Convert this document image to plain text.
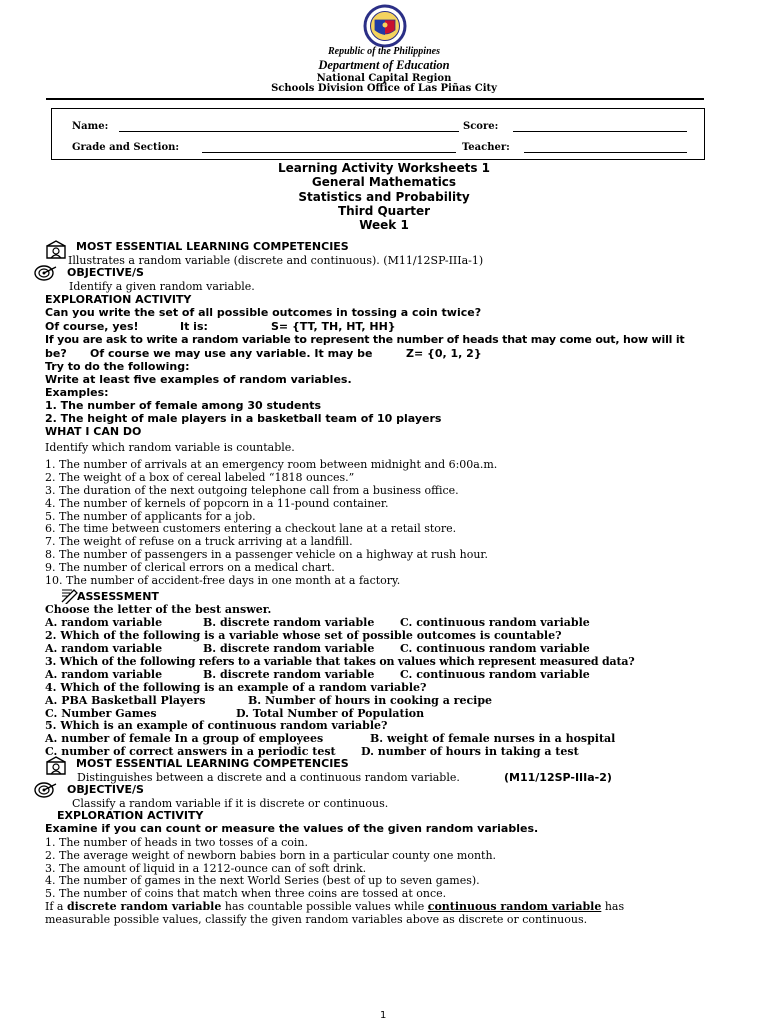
Republic of the Philippines
Department of Education
National Capital Region
Schools Division Office of Las Piñas City
Name:	Score:
Grade and Section:	Teacher:
Learning Activity Worksheets 1
General Mathematics
Statistics and Probability
Third Quarter
Week 1
MOST ESSENTIAL LEARNING COMPETENCIES
Illustrates a random variable (discrete and continuous). (M11/12SP-IIIa-1)
OBJECTIVE/S
Identify a given random variable.
EXPLORATION ACTIVITY
Can you write the set of all possible outcomes in tossing a coin twice?
Of course, yes!	It is:	S= {TT, TH, HT, HH}
If you are ask to write a random variable to represent the number of heads that may come out, how will it
be? Of course we may use any variable. It may be	Z= {0, 1, 2}
Try to do the following:
Write at least five examples of random variables.
Examples:
1. The number of female among 30 students
2. The height of male players in a basketball team of 10 players
WHAT I CAN DO
Identify which random variable is countable.
1. The number of arrivals at an emergency room between midnight and 6:00a.m.
2. The weight of a box of cereal labeled “1818 ounces.”
3. The duration of the next outgoing telephone call from a business office.
4. The number of kernels of popcorn in a 11-pound container.
5. The number of applicants for a job.
6. The time between customers entering a checkout lane at a retail store.
7. The weight of refuse on a truck arriving at a landfill.
8. The number of passengers in a passenger vehicle on a highway at rush hour.
9. The number of clerical errors on a medical chart.
10. The number of accident-free days in one month at a factory.
ASSESSMENT
Choose the letter of the best answer.
A. random variable	B. discrete random variable C. continuous random variable
2. Which of the following is a variable whose set of possible outcomes is countable?
A. random variable	B. discrete random variable C. continuous random variable
3. Which of the following refers to a variable that takes on values which represent measured data?
A. random variable	B. discrete random variable C. continuous random variable
4. Which of the following is an example of a random variable?
A. PBA Basketball Players	B. Number of hours in cooking a recipe
C. Number Games	D. Total Number of Population
5. Which is an example of continuous random variable?
A. number of female In a group of employees	B. weight of female nurses in a hospital
C. number of correct answers in a periodic test D. number of hours in taking a test
MOST ESSENTIAL LEARNING COMPETENCIES
Distinguishes between a discrete and a continuous random variable.	(M11/12SP-IIIa-2)
OBJECTIVE/S
Classify a random variable if it is discrete or continuous.
EXPLORATION ACTIVITY
Examine if you can count or measure the values of the given random variables.
1. The number of heads in two tosses of a coin.
2. The average weight of newborn babies born in a particular county one month.
3. The amount of liquid in a 1212-ounce can of soft drink.
4. The number of games in the next World Series (best of up to seven games).
5. The number of coins that match when three coins are tossed at once.
If a discrete random variable has countable possible values while continuous random variable has
measurable possible values, classify the given random variables above as discrete or continuous.
1
